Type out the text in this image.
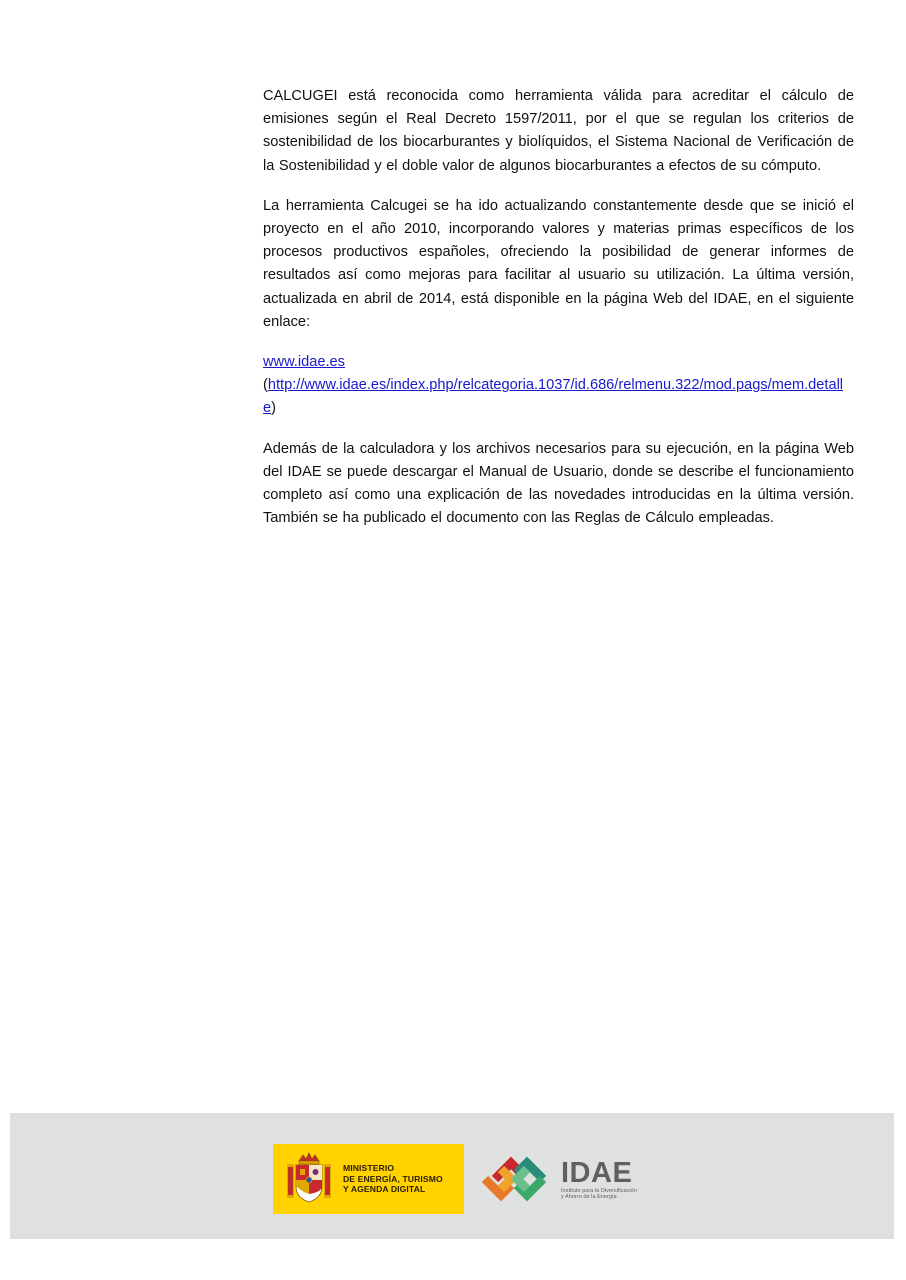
CALCUGEI está reconocida como herramienta válida para acreditar el cálculo de emisiones según el Real Decreto 1597/2011, por el que se regulan los criterios de sostenibilidad de los biocarburantes y biolíquidos, el Sistema Nacional de Verificación de la Sostenibilidad y el doble valor de algunos biocarburantes a efectos de su cómputo.

La herramienta Calcugei se ha ido actualizando constantemente desde que se inició el proyecto en el año 2010, incorporando valores y materias primas específicos de los procesos productivos españoles, ofreciendo la posibilidad de generar informes de resultados así como mejoras para facilitar al usuario su utilización. La última versión, actualizada en abril de 2014, está disponible en la página Web del IDAE, en el siguiente enlace:

www.idae.es
(http://www.idae.es/index.php/relcategoria.1037/id.686/relmenu.322/mod.pags/mem.detalle)

Además de la calculadora y los archivos necesarios para su ejecución, en la página Web del IDAE se puede descargar el Manual de Usuario, donde se describe el funcionamiento completo así como una explicación de las novedades introducidas en la última versión. También se ha publicado el documento con las Reglas de Cálculo empleadas.

MINISTERIO
DE ENERGÍA, TURISMO
Y AGENDA DIGITAL
IDAE
Instituto para la Diversificación
y Ahorro de la Energía
